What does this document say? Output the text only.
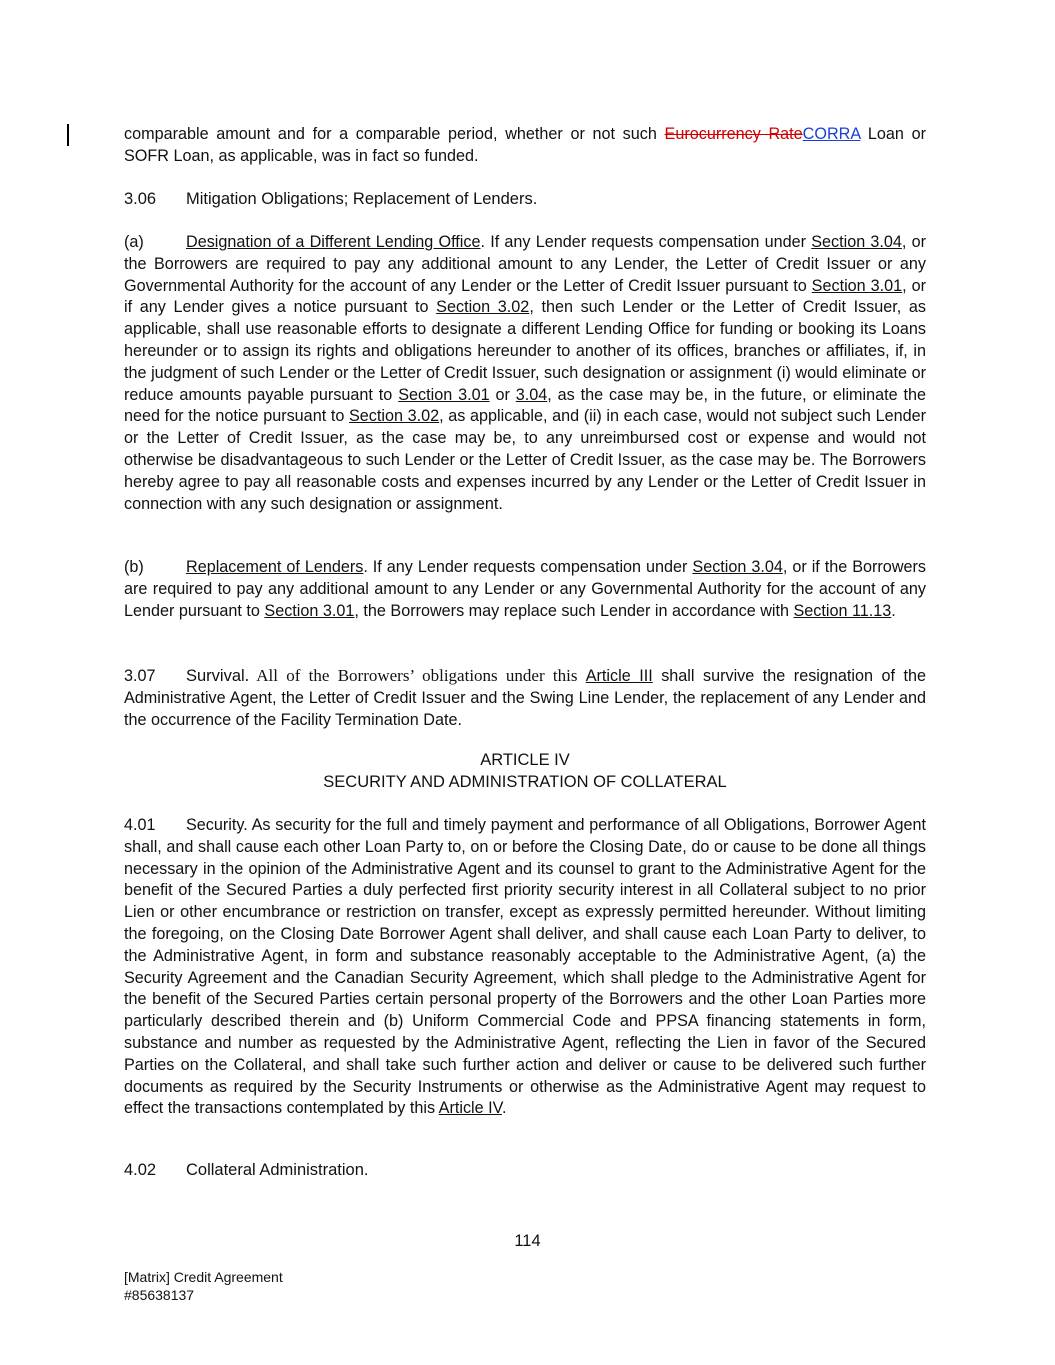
comparable amount and for a comparable period, whether or not such Eurocurrency RateCORRA Loan or SOFR Loan, as applicable, was in fact so funded.
3.06 Mitigation Obligations; Replacement of Lenders.
(a)	Designation of a Different Lending Office. If any Lender requests compensation under Section 3.04, or the Borrowers are required to pay any additional amount to any Lender, the Letter of Credit Issuer or any Governmental Authority for the account of any Lender or the Letter of Credit Issuer pursuant to Section 3.01, or if any Lender gives a notice pursuant to Section 3.02, then such Lender or the Letter of Credit Issuer, as applicable, shall use reasonable efforts to designate a different Lending Office for funding or booking its Loans hereunder or to assign its rights and obligations hereunder to another of its offices, branches or affiliates, if, in the judgment of such Lender or the Letter of Credit Issuer, such designation or assignment (i) would eliminate or reduce amounts payable pursuant to Section 3.01 or 3.04, as the case may be, in the future, or eliminate the need for the notice pursuant to Section 3.02, as applicable, and (ii) in each case, would not subject such Lender or the Letter of Credit Issuer, as the case may be, to any unreimbursed cost or expense and would not otherwise be disadvantageous to such Lender or the Letter of Credit Issuer, as the case may be. The Borrowers hereby agree to pay all reasonable costs and expenses incurred by any Lender or the Letter of Credit Issuer in connection with any such designation or assignment.
(b)	Replacement of Lenders. If any Lender requests compensation under Section 3.04, or if the Borrowers are required to pay any additional amount to any Lender or any Governmental Authority for the account of any Lender pursuant to Section 3.01, the Borrowers may replace such Lender in accordance with Section 11.13.
3.07 Survival. All of the Borrowers’ obligations under this Article III shall survive the resignation of the Administrative Agent, the Letter of Credit Issuer and the Swing Line Lender, the replacement of any Lender and the occurrence of the Facility Termination Date.
ARTICLE IV
SECURITY AND ADMINISTRATION OF COLLATERAL
4.01 Security. As security for the full and timely payment and performance of all Obligations, Borrower Agent shall, and shall cause each other Loan Party to, on or before the Closing Date, do or cause to be done all things necessary in the opinion of the Administrative Agent and its counsel to grant to the Administrative Agent for the benefit of the Secured Parties a duly perfected first priority security interest in all Collateral subject to no prior Lien or other encumbrance or restriction on transfer, except as expressly permitted hereunder. Without limiting the foregoing, on the Closing Date Borrower Agent shall deliver, and shall cause each Loan Party to deliver, to the Administrative Agent, in form and substance reasonably acceptable to the Administrative Agent, (a) the Security Agreement and the Canadian Security Agreement, which shall pledge to the Administrative Agent for the benefit of the Secured Parties certain personal property of the Borrowers and the other Loan Parties more particularly described therein and (b) Uniform Commercial Code and PPSA financing statements in form, substance and number as requested by the Administrative Agent, reflecting the Lien in favor of the Secured Parties on the Collateral, and shall take such further action and deliver or cause to be delivered such further documents as required by the Security Instruments or otherwise as the Administrative Agent may request to effect the transactions contemplated by this Article IV.
4.02 Collateral Administration.
114
[Matrix] Credit Agreement
#85638137
